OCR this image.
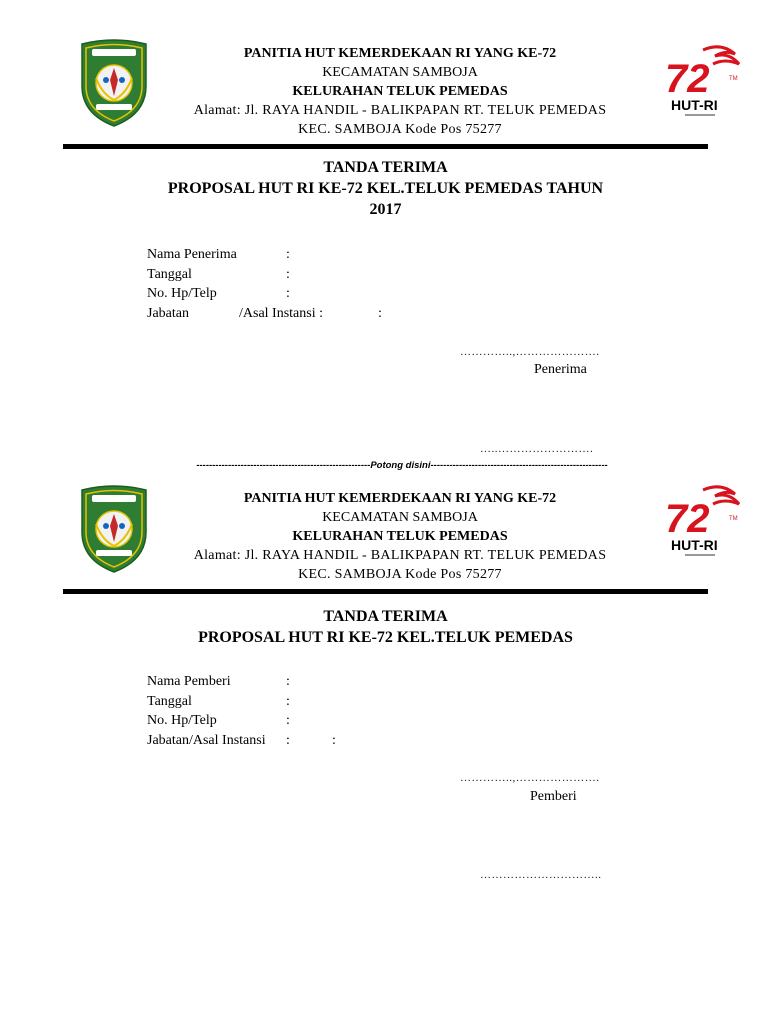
72	TM
HUT-RI
PANITIA HUT KEMERDEKAAN RI YANG KE-72
KECAMATAN SAMBOJA
KELURAHAN TELUK PEMEDAS
Alamat: Jl. RAYA HANDIL - BALIKPAPAN RT. TELUK PEMEDAS
KEC. SAMBOJA Kode Pos 75277
TANDA TERIMA
PROPOSAL HUT RI KE-72 KEL.TELUK PEMEDAS TAHUN
2017
Nama Penerima	:
Tanggal	:
No. Hp/Telp	:
Jabatan	/Asal Instansi :	:
…………..,………………….
Penerima
…..…………………….
-------------------------------------------------------Potong disini--------------------------------------------------------
72	TM
HUT-RI
PANITIA HUT KEMERDEKAAN RI YANG KE-72
KECAMATAN SAMBOJA
KELURAHAN TELUK PEMEDAS
Alamat: Jl. RAYA HANDIL - BALIKPAPAN RT. TELUK PEMEDAS
KEC. SAMBOJA Kode Pos 75277
TANDA TERIMA
PROPOSAL HUT RI KE-72 KEL.TELUK PEMEDAS
Nama Pemberi	:
Tanggal	:
No. Hp/Telp	:
Jabatan/Asal Instansi :	:
…………..,………………….
Pemberi
…………………………..
